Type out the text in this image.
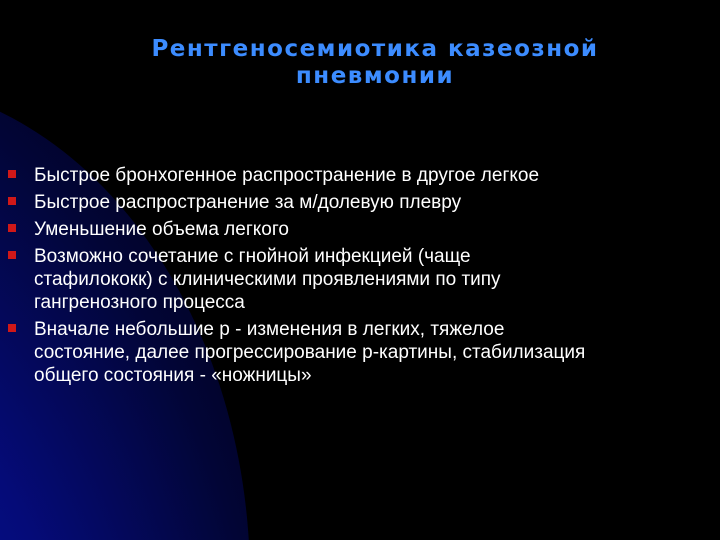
Рентгеносемиотика казеозной
пневмонии
Быстрое бронхогенное распространение в другое легкое
Быстрое распространение за м/долевую плевру
Уменьшение объема легкого
Возможно сочетание с гнойной инфекцией (чаще
стафилококк) с клиническими проявлениями по типу
гангренозного процесса
Вначале небольшие р - изменения в легких, тяжелое
состояние, далее прогрессирование р-картины, стабилизация
общего состояния - «ножницы»
